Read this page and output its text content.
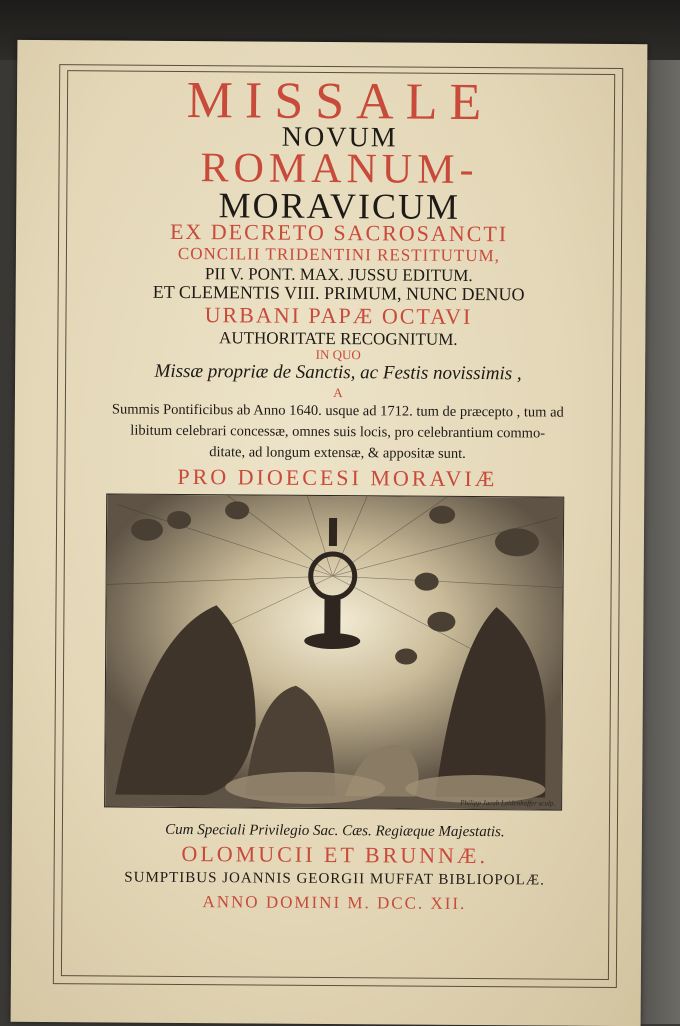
MISSALE
NOVUM
ROMANUM-
MORAVICUM
EX DECRETO SACROSANCTI
CONCILII TRIDENTINI RESTITUTUM,
PII V. PONT. MAX. JUSSU EDITUM.
ET CLEMENTIS VIII. PRIMUM, NUNC DENUO
URBANI PAPÆ OCTAVI
AUTHORITATE RECOGNITUM.
IN QUO
Missæ propriæ de Sanctis, ac Festis novissimis ,
A
Summis Pontificibus ab Anno 1640. usque ad 1712. tum de præcepto , tum ad
libitum celebrari concessæ, omnes suis locis, pro celebrantium commo-
ditate, ad longum extensæ, & appositæ sunt.
PRO DIOECESI MORAVIÆ
Philipp Jacob Leidenhoffer sculp.
Cum Speciali Privilegio Sac. Cæs. Regiæque Majestatis.
OLOMUCII ET BRUNNÆ.
SUMPTIBUS JOANNIS GEORGII MUFFAT BIBLIOPOLÆ.
ANNO DOMINI M. DCC. XII.
